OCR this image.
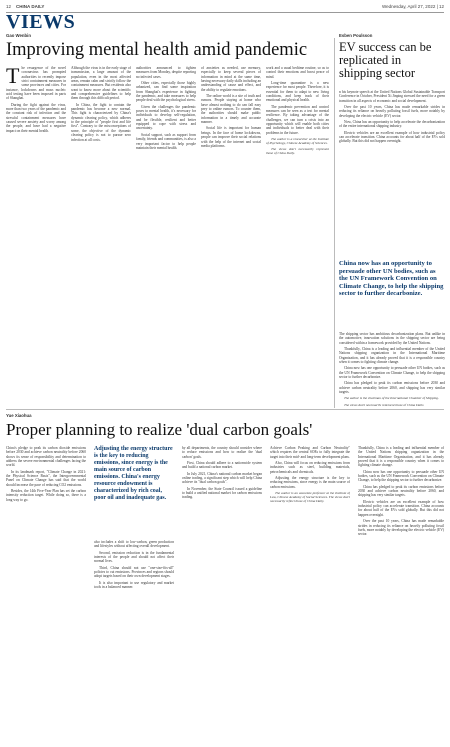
12 CHINA DAILY	Wednesday, April 27, 2022 | 12
VIEWS
Gao Wenbin
Improving mental health amid pandemic
T he resurgence of the novel coronavirus has prompted authorities to recently impose strict containment measures in some provinces and cities. For instance, lockdowns and mass nucleic acid testing have been imposed in parts of Shanghai.

During the fight against the virus, more than two years of the pandemic and the constant risk of infection and the stressful containment measures have caused severe anxiety and worry among the people, and have had a negative impact on their mental health.

Although the virus is in the early stage of transmission, a large amount of the population, even in the most affected areas, remain calm and strictly follow the containment measures. But residents also want to know more about the scientific and comprehensive guidelines to help them through this difficult period.

In China, the fight to contain the pandemic has become a new normal. This fight is characterized by China's dynamic clearing policy, which adheres to the principle of "people first and life first". Contrary to the misconceptions of some, the objective of the dynamic clearing policy is not to pursue zero infection at all costs.

authorities announced to tighten measures from Monday, despite reporting no infected cases.

Other cities, especially those highly urbanized, can find some inspiration from Shanghai's experience in fighting the pandemic, and take measures to help people deal with the psychological stress.

Given the challenges the pandemic poses to mental health, it's necessary for individuals to develop self-regulation, and be flexible, resilient and better equipped to cope with stress and uncertainty.

Social support, such as support from family, friends and communities, is also a very important factor to help people maintain their mental health.

of anxieties as needed, use memory, especially to keep several pieces of information in mind at the same time, having necessary daily skills including an understanding of cause and effect, and the ability to regulate emotions.

The online world is a site of truth and rumors. People staying at home who have almost nothing to do can fall easy prey to online rumors. To counter them, the authorities should make public information in a timely and accurate manner.

Social life is important for human beings. In the face of home lockdowns, people can improve their social relations with the help of the internet and social media platforms.

work and a usual bedtime routine, so as to control their emotions and boost peace of mind.

Long-time quarantine is a new experience for most people. Therefore, it is essential for them to adapt to new living conditions, and keep track of their emotional and physical health.

The pandemic prevention and control measures can be seen as a test for mental resilience. By taking advantage of the challenges, we can turn a crisis into an opportunity which will enable both cities and individuals to better deal with their problems in the future.

The author is a researcher at the Institute of Psychology, Chinese Academy of Sciences.

The views don't necessarily represent those of China Daily.

Esben Poulsson
EV success can be replicated in shipping sector

n his keynote speech at the United Nations Global Sustainable Transport Conference in October, President Xi Jinping stressed the need for a green transition in all aspects of economic and social development.

Over the past 10 years, China has made remarkable strides in reducing its reliance on heavily polluting fossil fuels, more notably by developing the electric vehicle (EV) sector.

Now, China has an opportunity to help accelerate the decarbonization of the entire international shipping industry.

Electric vehicles are an excellent example of how industrial policy can accelerate transition. China accounts for about half of the EVs sold globally. But this did not happen overnight.

China now has an opportunity to persuade other UN bodies, such as the UN Framework Convention on Climate Change, to help the shipping sector to further decarbonize.

The shipping sector has ambitious decarbonization plans. But unlike in the automotive, innovation solutions in the shipping sector are being considered within a framework provided by the United Nations.

Thankfully, China is a leading and influential member of the United Nations shipping organization in the International Maritime Organization, and it has already proved that it is a responsible country when it comes to fighting climate change.

China now has one opportunity to persuade other UN bodies, such as the UN Framework Convention on Climate Change, to help the shipping sector to further decarbonize.

China has pledged to peak its carbon emissions before 2030 and achieve carbon neutrality before 2060, and shipping has very similar targets.

The author is the chairman of the International Chamber of Shipping.

The views don't necessarily represent those of China Daily.

Yue Xiaohua
Proper planning to realize 'dual carbon goals'

China's pledge to peak its carbon dioxide emissions before 2030 and achieve carbon neutrality before 2060 shows its sense of responsibility and determination to address the severe environmental challenges facing the world.

In its landmark report, "Climate Change in 2021: the Physical Science Basis", the Intergovernmental Panel on Climate Change has said that the world should increase the pace of reducing CO2 emissions.

Besides, the 14th Five-Year Plan has set the carbon intensity reduction target. While doing so, there is a long way to go.

Adjusting the energy structure is the key to reducing emissions, since energy is the main source of carbon emissions. China's energy resource endowment is characterized by rich coal, poor oil and inadequate gas.

also includes a shift to low-carbon, green production and lifestyles without affecting overall development.

Second, emission reduction is in the fundamental interests of the people and should not affect their normal lives.

Third, China should not use "one-size-fits-all" policies to cut emissions. Provinces and regions should adopt targets based on their own development stages.

It is also important to use regulatory and market tools in a balanced manner.

by all departments, the country should consider where to reduce emissions and how to realize the 'dual carbon' goals.

First, China should adhere to a nationwide system and build a national carbon market.

In July 2021, China's national carbon market began online trading, a significant step which will help China achieve its "dual carbon goals".

In November, the State Council issued a guideline to build a unified national market for carbon emissions trading.

Achieve Carbon Peaking and Carbon Neutrality" which requires the central SOEs to fully integrate the target into their mid- and long-term development plans.

Also, China will focus on reducing emissions from industries such as steel, building materials, petrochemicals and chemicals.

Adjusting the energy structure is the key to reducing emissions, since energy is the main source of carbon emissions.

The author is an associate professor at the Institute of Law, Chinese Academy of Social Sciences. The views don't necessarily reflect those of China Daily.

Thankfully, China is a leading and influential member of the United Nations shipping organization in the International Maritime Organization, and it has already proved that it is a responsible country when it comes to fighting climate change.

China now has one opportunity to persuade other UN bodies, such as the UN Framework Convention on Climate Change, to help the shipping sector to further decarbonize.

China has pledged to peak its carbon emissions before 2030 and achieve carbon neutrality before 2060, and shipping has very similar targets.

Electric vehicles are an excellent example of how industrial policy can accelerate transition. China accounts for about half of the EVs sold globally. But this did not happen overnight.

Over the past 10 years, China has made remarkable strides in reducing its reliance on heavily polluting fossil fuels, more notably by developing the electric vehicle (EV) sector.
